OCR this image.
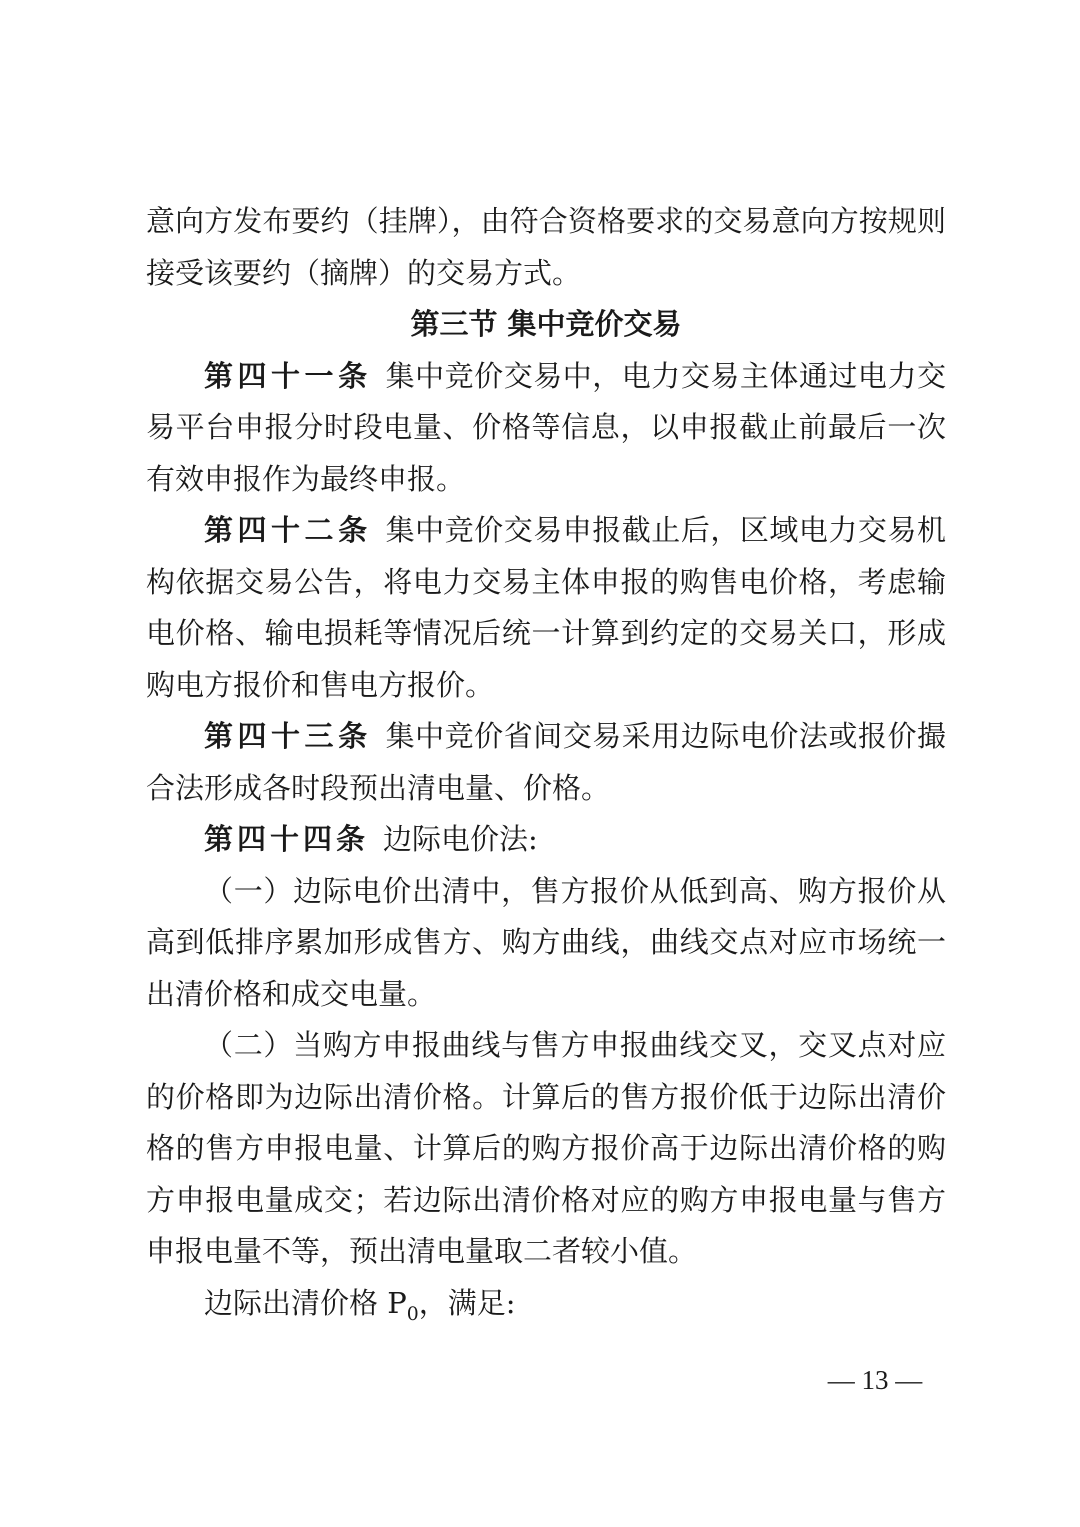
意向方发布要约（挂牌），由符合资格要求的交易意向方按规则接受该要约（摘牌）的交易方式。

第三节 集中竞价交易

第四十一条 集中竞价交易中，电力交易主体通过电力交易平台申报分时段电量、价格等信息，以申报截止前最后一次有效申报作为最终申报。

第四十二条 集中竞价交易申报截止后，区域电力交易机构依据交易公告，将电力交易主体申报的购售电价格，考虑输电价格、输电损耗等情况后统一计算到约定的交易关口，形成购电方报价和售电方报价。

第四十三条 集中竞价省间交易采用边际电价法或报价撮合法形成各时段预出清电量、价格。

第四十四条 边际电价法:

（一）边际电价出清中，售方报价从低到高、购方报价从高到低排序累加形成售方、购方曲线，曲线交点对应市场统一出清价格和成交电量。

（二）当购方申报曲线与售方申报曲线交叉，交叉点对应的价格即为边际出清价格。计算后的售方报价低于边际出清价格的售方申报电量、计算后的购方报价高于边际出清价格的购方申报电量成交；若边际出清价格对应的购方申报电量与售方申报电量不等，预出清电量取二者较小值。

边际出清价格 $P_0$，满足:

— 13 —
